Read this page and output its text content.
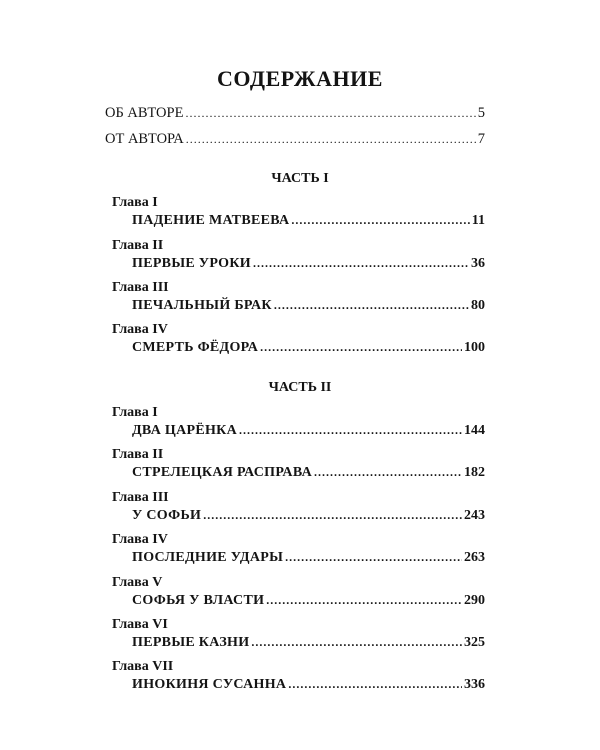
СОДЕРЖАНИЕ
ОБ АВТОРЕ .....	5
ОТ АВТОРА .....	7
ЧАСТЬ I
Глава I
ПАДЕНИЕ МАТВЕЕВА .....	11
Глава II
ПЕРВЫЕ УРОКИ .....	36
Глава III
ПЕЧАЛЬНЫЙ БРАК .....	80
Глава IV
СМЕРТЬ ФЁДОРА .....	100
ЧАСТЬ II
Глава I
ДВА ЦАРЁНКА .....	144
Глава II
СТРЕЛЕЦКАЯ РАСПРАВА .....	182
Глава III
У СОФЬИ .....	243
Глава IV
ПОСЛЕДНИЕ УДАРЫ .....	263
Глава V
СОФЬЯ У ВЛАСТИ .....	290
Глава VI
ПЕРВЫЕ КАЗНИ .....	325
Глава VII
ИНОКИНЯ СУСАННА .....	336
